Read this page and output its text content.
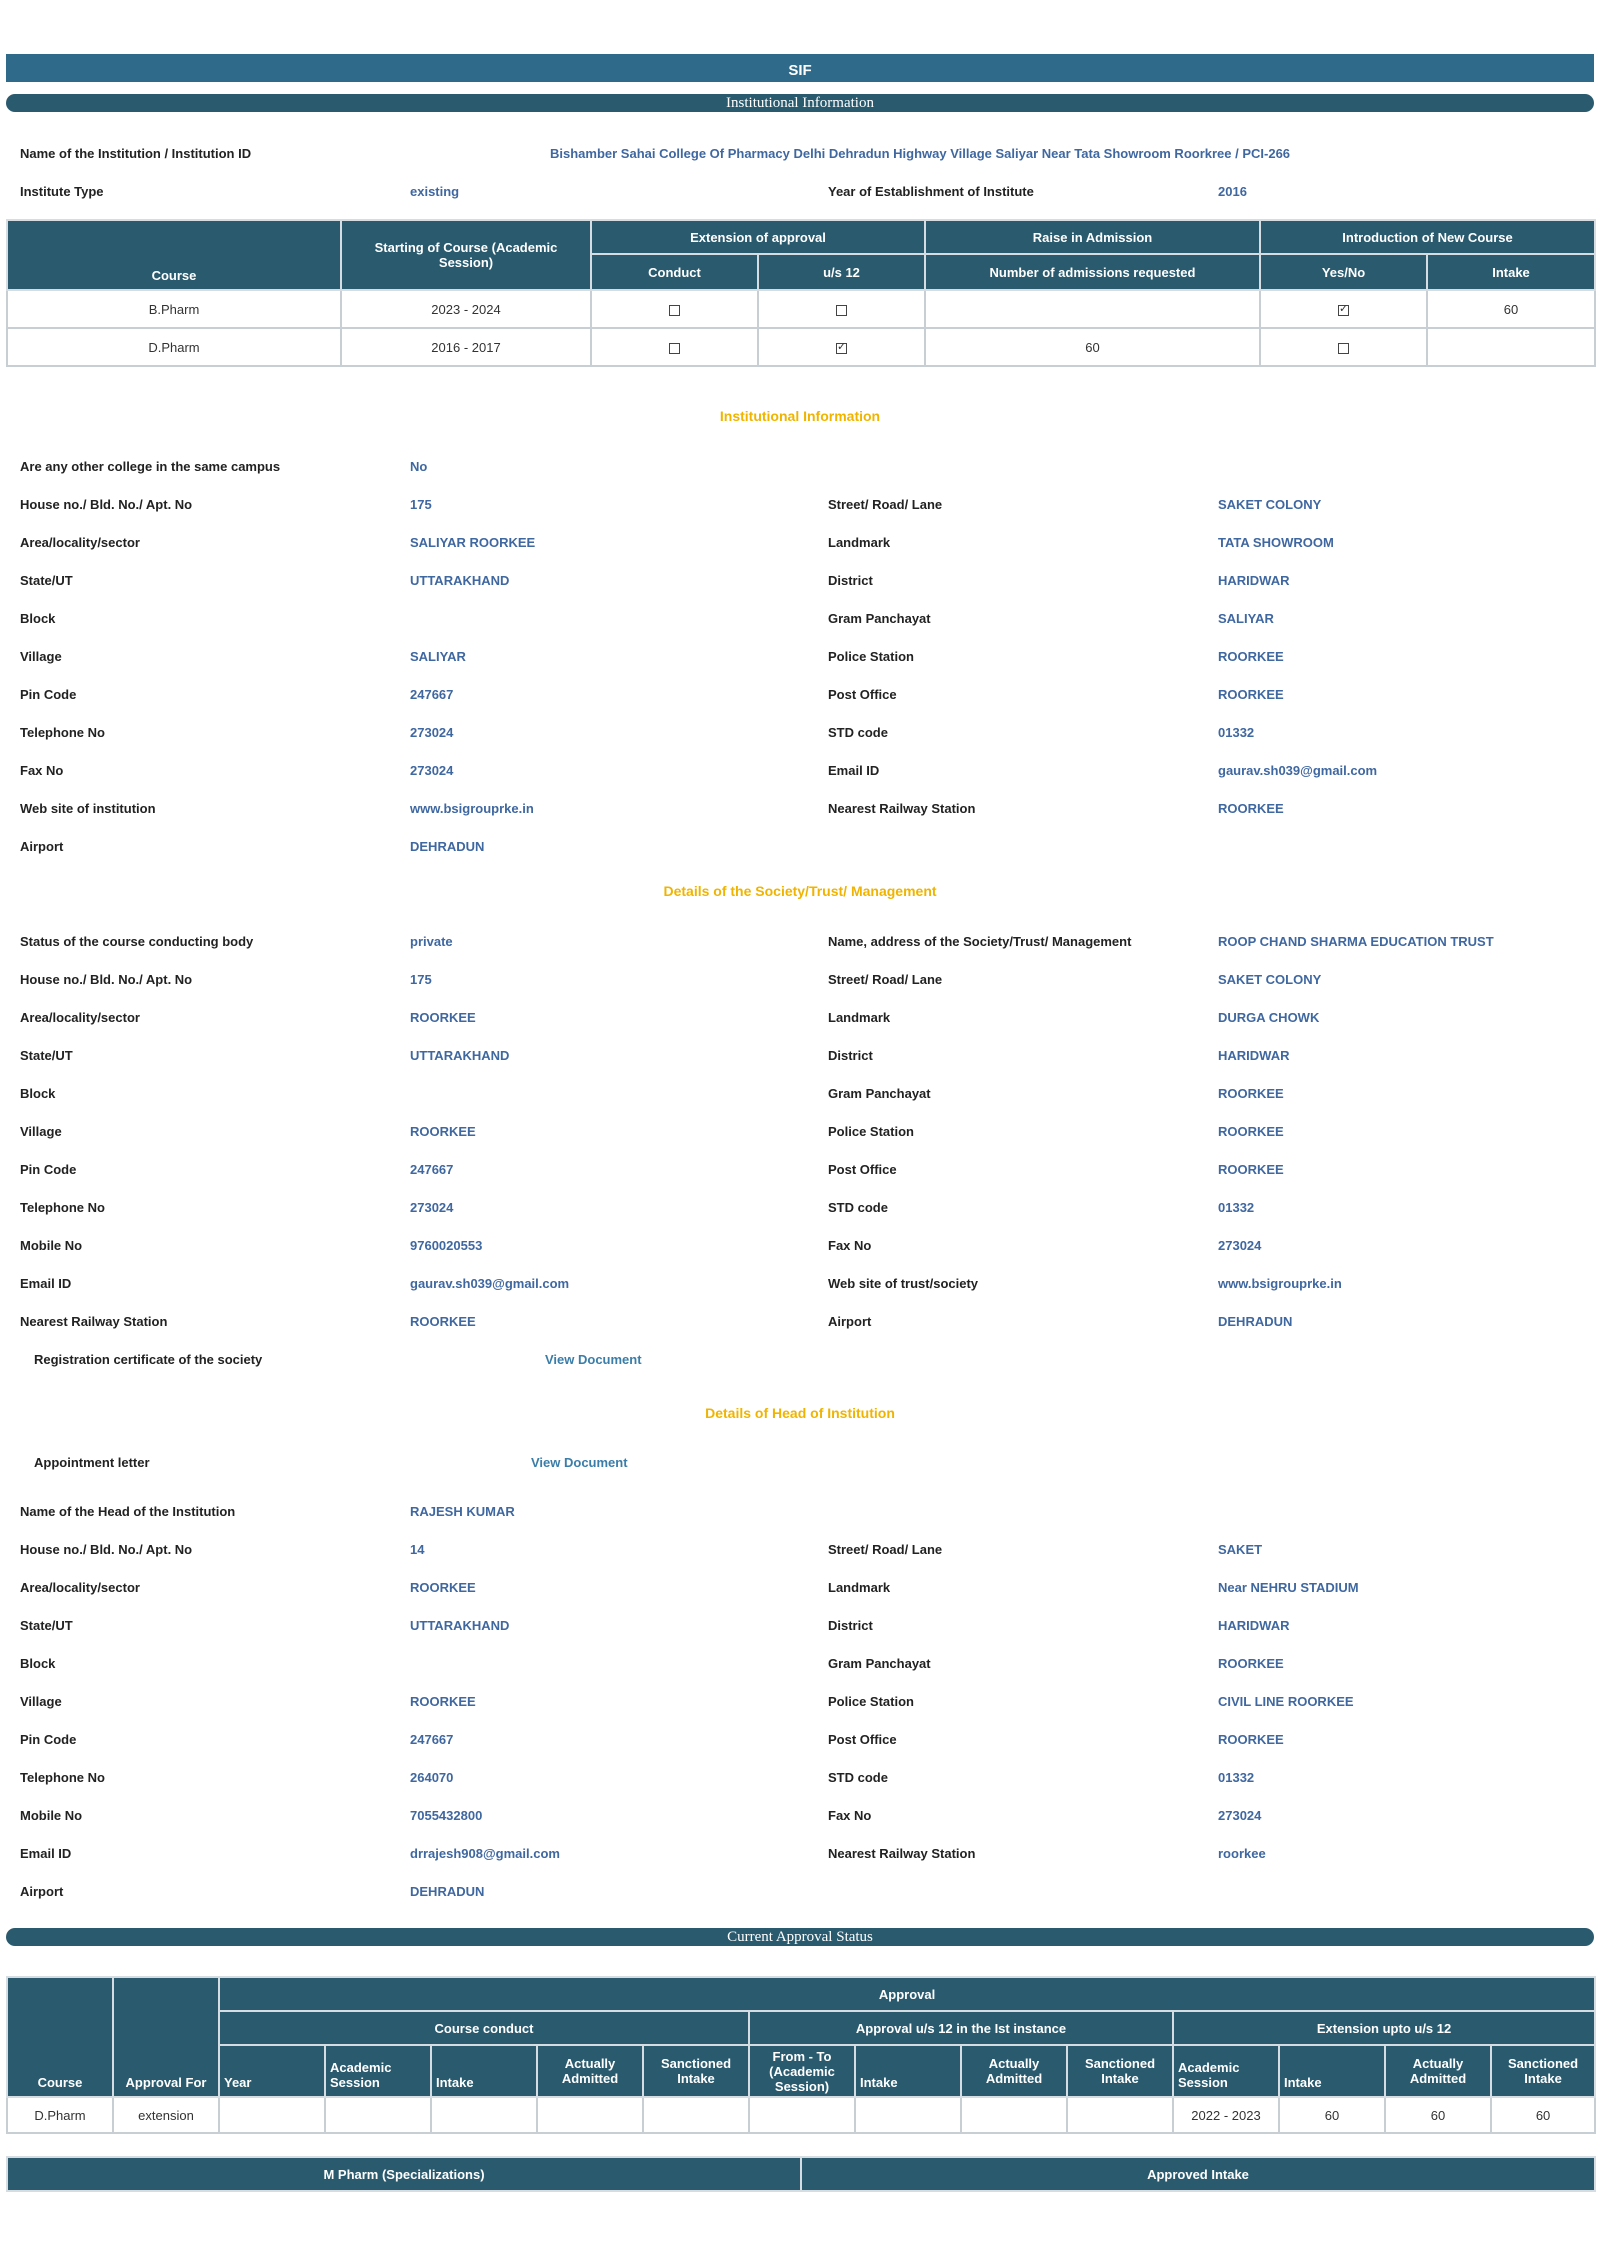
SIF
Institutional Information
Name of the Institution / Institution ID	Bishamber Sahai College Of Pharmacy Delhi Dehradun Highway Village Saliyar Near Tata Showroom Roorkree / PCI-266
Institute Type	existing	Year of Establishment of Institute	2016
Course	Starting of Course (Academic Session)	Extension of approval		Raise in Admission	Introduction of New Course	
		Conduct	u/s 12	Number of admissions requested	Yes/No	Intake
B.Pharm	2023 - 2024				✓	60
D.Pharm	2016 - 2017		✓	60		
Institutional Information
Are any other college in the same campus	No
House no./ Bld. No./ Apt. No	175	Street/ Road/ Lane	SAKET COLONY
Area/locality/sector	SALIYAR ROORKEE	Landmark	TATA SHOWROOM
State/UT	UTTARAKHAND	District	HARIDWAR
Block	Gram Panchayat	SALIYAR
Village	SALIYAR	Police Station	ROORKEE
Pin Code	247667	Post Office	ROORKEE
Telephone No	273024	STD code	01332
Fax No	273024	Email ID	gaurav.sh039@gmail.com
Web site of institution	www.bsigrouprke.in	Nearest Railway Station	ROORKEE
Airport	DEHRADUN
Details of the Society/Trust/ Management
Status of the course conducting body	private	Name, address of the Society/Trust/ Management	ROOP CHAND SHARMA EDUCATION TRUST
House no./ Bld. No./ Apt. No	175	Street/ Road/ Lane	SAKET COLONY
Area/locality/sector	ROORKEE	Landmark	DURGA CHOWK
State/UT	UTTARAKHAND	District	HARIDWAR
Block	Gram Panchayat	ROORKEE
Village	ROORKEE	Police Station	ROORKEE
Pin Code	247667	Post Office	ROORKEE
Telephone No	273024	STD code	01332
Mobile No	9760020553	Fax No	273024
Email ID	gaurav.sh039@gmail.com	Web site of trust/society	www.bsigrouprke.in
Nearest Railway Station	ROORKEE	Airport	DEHRADUN
Registration certificate of the society	View Document
Details of Head of Institution
Appointment letter	View Document
Name of the Head of the Institution	RAJESH KUMAR
House no./ Bld. No./ Apt. No	14	Street/ Road/ Lane	SAKET
Area/locality/sector	ROORKEE	Landmark	Near NEHRU STADIUM
State/UT	UTTARAKHAND	District	HARIDWAR
Block	Gram Panchayat	ROORKEE
Village	ROORKEE	Police Station	CIVIL LINE ROORKEE
Pin Code	247667	Post Office	ROORKEE
Telephone No	264070	STD code	01332
Mobile No	7055432800	Fax No	273024
Email ID	drrajesh908@gmail.com	Nearest Railway Station	roorkee
Airport	DEHRADUN
Current Approval Status
Course	Approval For	Approval												
		Course conduct					Approval u/s 12 in the Ist instance				Extension upto u/s 12			
		Year	Academic Session	Intake	Actually Admitted	Sanctioned Intake	From - To (Academic Session)	Intake	Actually Admitted	Sanctioned Intake	Academic Session	Intake	Actually Admitted	Sanctioned Intake
D.Pharm	extension										2022 - 2023	60	60	60
M Pharm (Specializations)	Approved Intake
